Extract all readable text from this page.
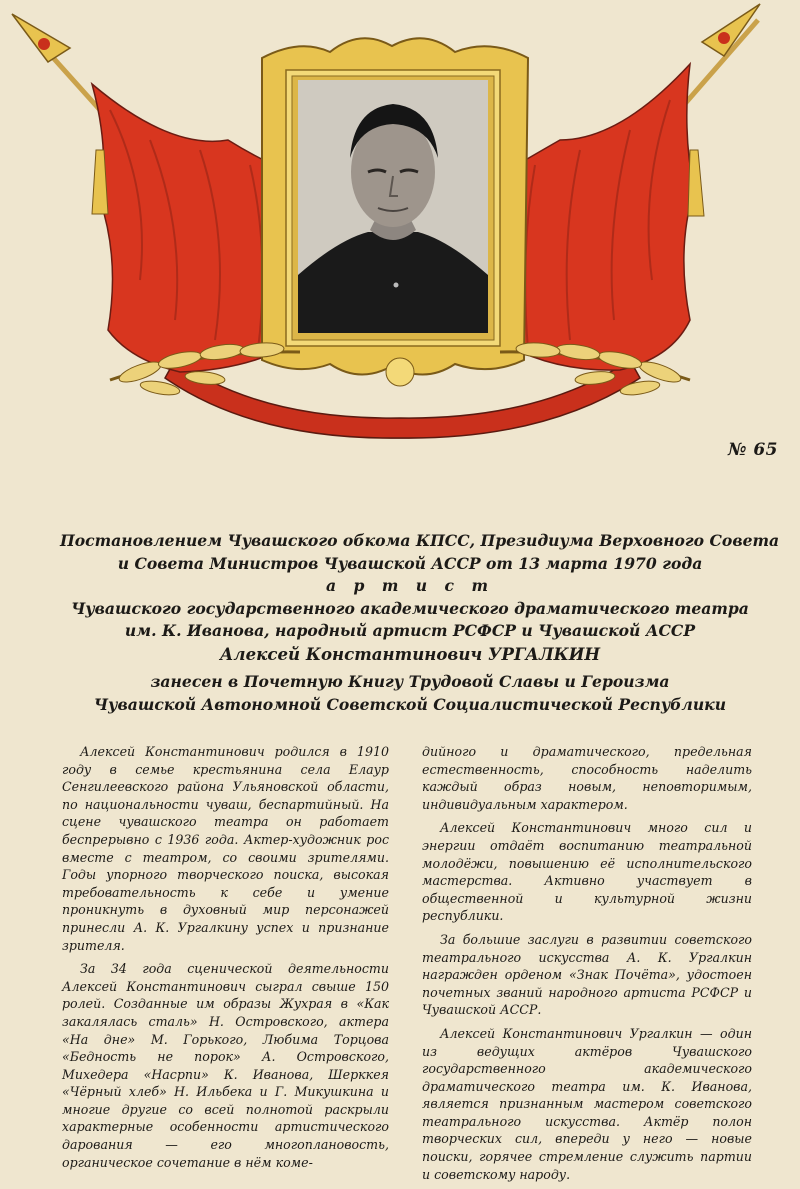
№ 65
Постановлением Чувашского обкома КПСС, Президиума Верховного Совета
и Совета Министров Чувашской АССР от 13 марта 1970 года
а р т и с т
Чувашского государственного академического драматического театра
им. К. Иванова, народный артист РСФСР и Чувашской АССР
Алексей Константинович УРГАЛКИН
занесен в Почетную Книгу Трудовой Славы и Героизма
Чувашской Автономной Советской Социалистической Республики

Алексей Константинович родился в 1910 году в семье крестьянина села Елаур Сенгилеевского района Ульяновской области, по национальности чуваш, беспартийный. На сцене чувашского театра он работает беспрерывно с 1936 года. Актер-художник рос вместе с театром, со своими зрителями. Годы упорного творческого поиска, высокая требовательность к себе и умение проникнуть в духовный мир персонажей принесли А. К. Ургалкину успех и признание зрителя.

За 34 года сценической деятельности Алексей Константинович сыграл свыше 150 ролей. Созданные им образы Жухрая в «Как закалялась сталь» Н. Островского, актера «На дне» М. Горького, Любима Торцова «Бедность не порок» А. Островского, Михедера «Насрпи» К. Иванова, Шерккея «Чёрный хлеб» Н. Ильбека и Г. Микушкина и многие другие со всей полнотой раскрыли характерные особенности артистического дарования — его многоплановость, органическое сочетание в нём коме-

дийного и драматического, предельная естественность, способность наделить каждый образ новым, неповторимым, индивидуальным характером.

Алексей Константинович много сил и энергии отдаёт воспитанию театральной молодёжи, повышению её исполнительского мастерства. Активно участвует в общественной и культурной жизни республики.

За большие заслуги в развитии советского театрального искусства А. К. Ургалкин награжден орденом «Знак Почёта», удостоен почетных званий народного артиста РСФСР и Чувашской АССР.

Алексей Константинович Ургалкин — один из ведущих актёров Чувашского государственного академического драматического театра им. К. Иванова, является признанным мастером советского театрального искусства. Актёр полон творческих сил, впереди у него — новые поиски, горячее стремление служить партии и советскому народу.
